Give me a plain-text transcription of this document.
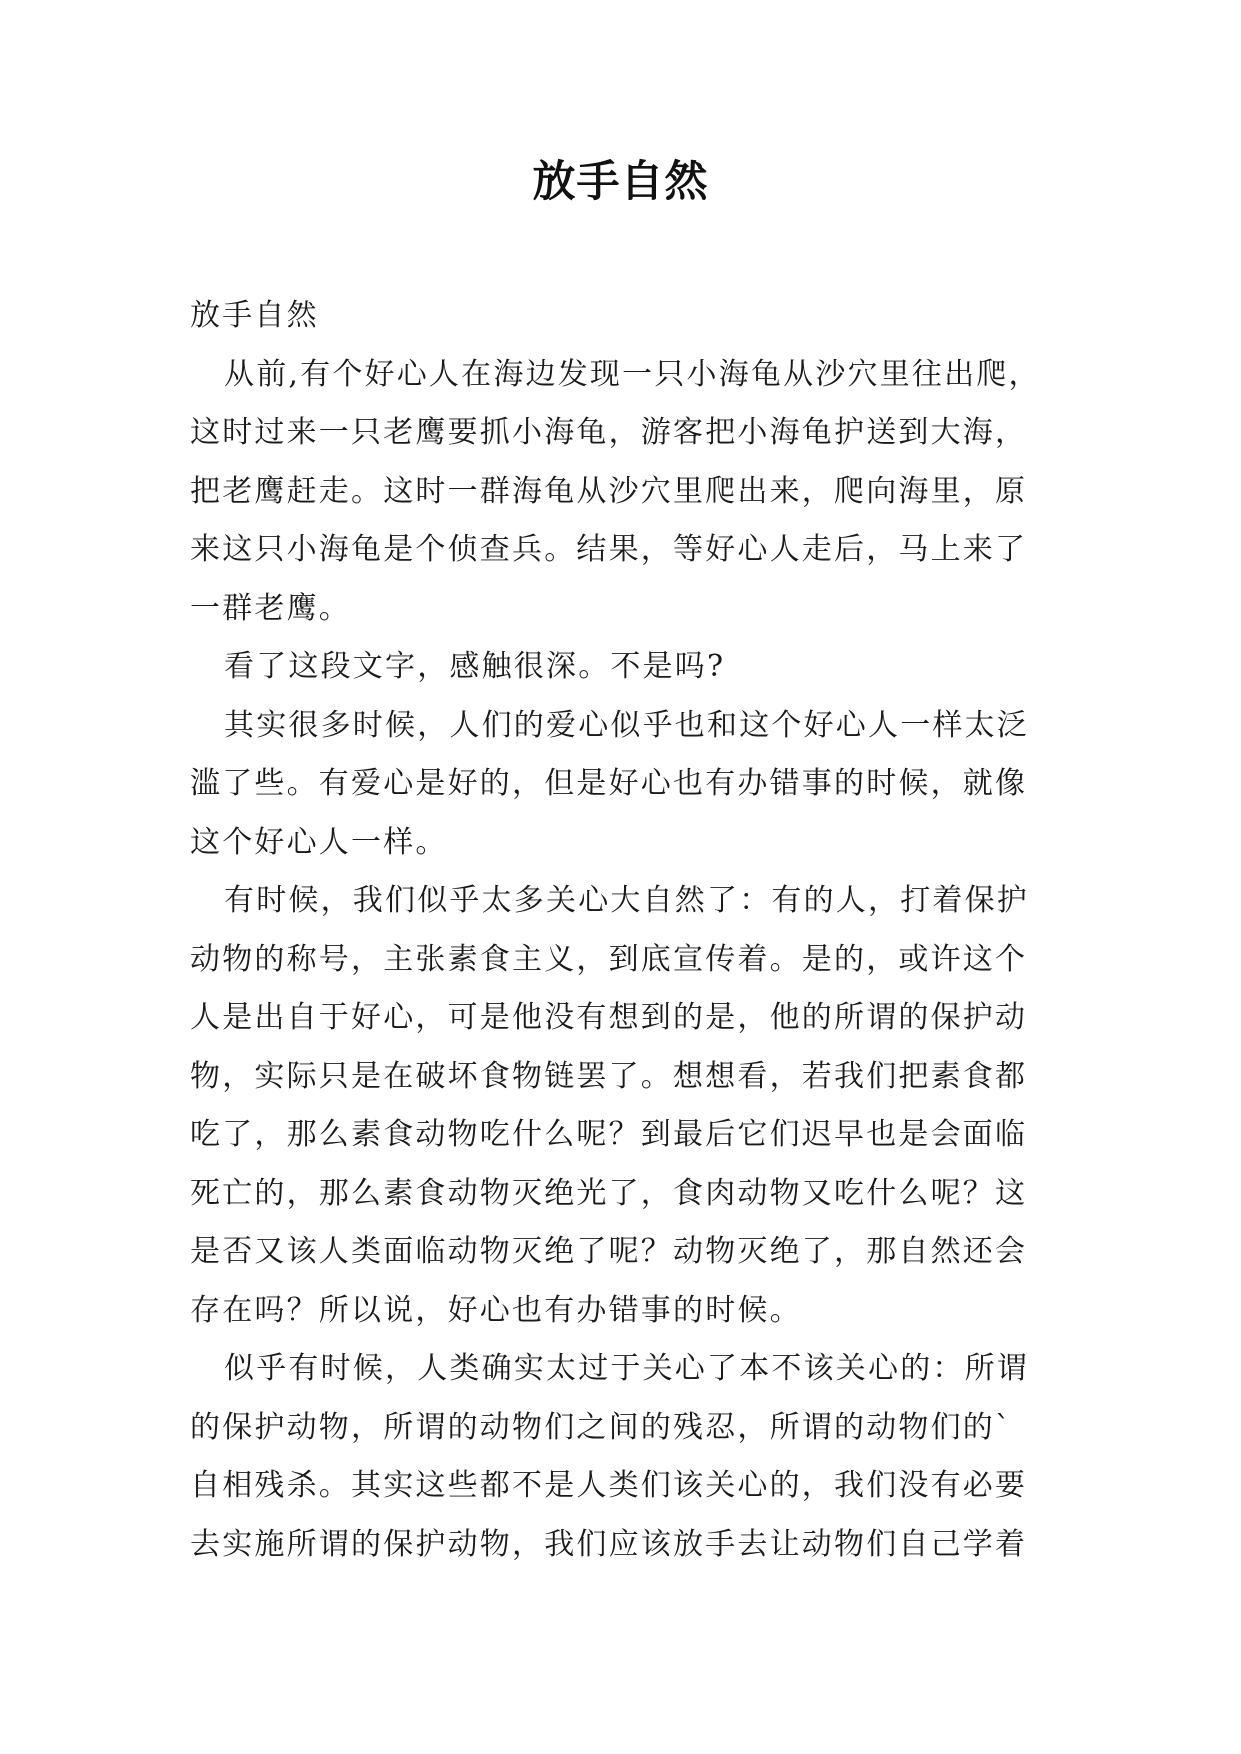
放手自然
放手自然
从前,有个好心人在海边发现一只小海龟从沙穴里往出爬，
这时过来一只老鹰要抓小海龟，游客把小海龟护送到大海，
把老鹰赶走。这时一群海龟从沙穴里爬出来，爬向海里，原
来这只小海龟是个侦查兵。结果，等好心人走后，马上来了
一群老鹰。
看了这段文字，感触很深。不是吗?
其实很多时候，人们的爱心似乎也和这个好心人一样太泛
滥了些。有爱心是好的，但是好心也有办错事的时候，就像
这个好心人一样。
有时候，我们似乎太多关心大自然了：有的人，打着保护
动物的称号，主张素食主义，到底宣传着。是的，或许这个
人是出自于好心，可是他没有想到的是，他的所谓的保护动
物，实际只是在破坏食物链罢了。想想看，若我们把素食都
吃了，那么素食动物吃什么呢？到最后它们迟早也是会面临
死亡的，那么素食动物灭绝光了，食肉动物又吃什么呢？这
是否又该人类面临动物灭绝了呢？动物灭绝了，那自然还会
存在吗？所以说，好心也有办错事的时候。
似乎有时候，人类确实太过于关心了本不该关心的：所谓
的保护动物，所谓的动物们之间的残忍，所谓的动物们的`
自相残杀。其实这些都不是人类们该关心的，我们没有必要
去实施所谓的保护动物，我们应该放手去让动物们自己学着
